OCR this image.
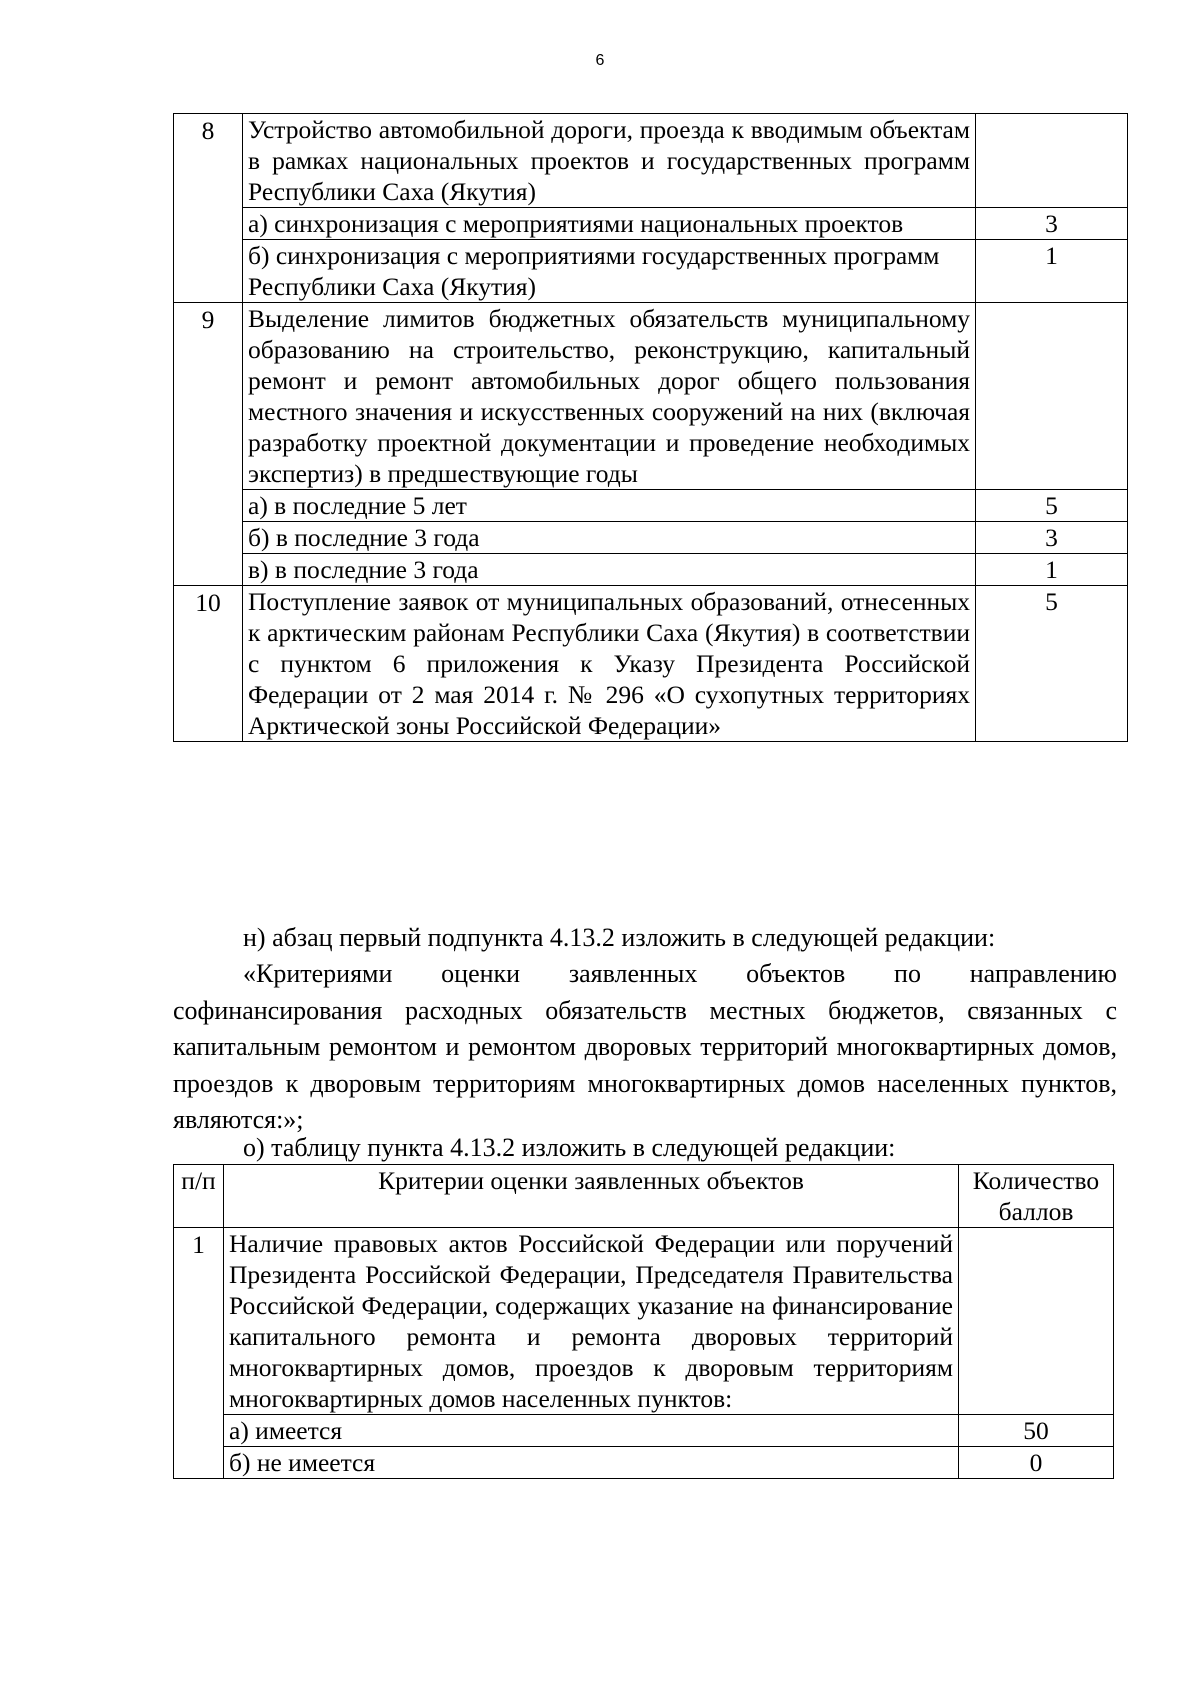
6
8	Устройство автомобильной дороги, проезда к вводимым объектам в рамках национальных проектов и государственных программ Республики Саха (Якутия)	
	а) синхронизация с мероприятиями национальных проектов	3
	б) синхронизация с мероприятиями государственных программ Республики Саха (Якутия)	1
9	Выделение лимитов бюджетных обязательств муниципальному образованию на строительство, реконструкцию, капитальный ремонт и ремонт автомобильных дорог общего пользования местного значения и искусственных сооружений на них (включая разработку проектной документации и проведение необходимых экспертиз) в предшествующие годы	
	а) в последние 5 лет	5
	б) в последние 3 года	3
	в) в последние 3 года	1
10	Поступление заявок от муниципальных образований, отнесенных к арктическим районам Республики Саха (Якутия) в соответствии с пунктом 6 приложения к Указу Президента Российской Федерации от 2 мая 2014 г. № 296 «О сухопутных территориях Арктической зоны Российской Федерации»	5
н) абзац первый подпункта 4.13.2 изложить в следующей редакции:
«Критериями оценки заявленных объектов по направлению софинансирования расходных обязательств местных бюджетов, связанных с капитальным ремонтом и ремонтом дворовых территорий многоквартирных домов, проездов к дворовым территориям многоквартирных домов населенных пунктов, являются:»;
о) таблицу пункта 4.13.2 изложить в следующей редакции:
п/п	Критерии оценки заявленных объектов	Количество баллов
1	Наличие правовых актов Российской Федерации или поручений Президента Российской Федерации, Председателя Правительства Российской Федерации, содержащих указание на финансирование капитального ремонта и ремонта дворовых территорий многоквартирных домов, проездов к дворовым территориям многоквартирных домов населенных пунктов:	
	а) имеется	50
	б) не имеется	0
